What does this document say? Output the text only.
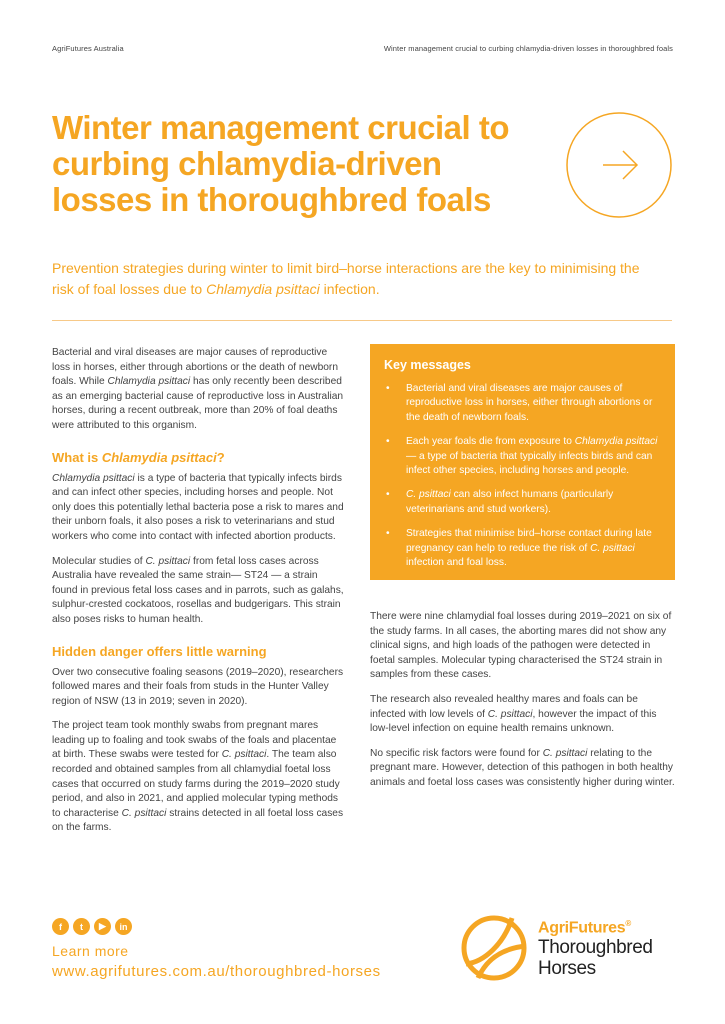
AgriFutures Australia	Winter management crucial to curbing chlamydia-driven losses in thoroughbred foals
Winter management crucial to curbing chlamydia-driven losses in thoroughbred foals

Prevention strategies during winter to limit bird–horse interactions are the key to minimising the risk of foal losses due to Chlamydia psittaci infection.

Bacterial and viral diseases are major causes of reproductive loss in horses, either through abortions or the death of newborn foals. While Chlamydia psittaci has only recently been described as an emerging bacterial cause of reproductive loss in Australian horses, during a recent outbreak, more than 20% of foal deaths were attributed to this organism.

What is Chlamydia psittaci?

Chlamydia psittaci is a type of bacteria that typically infects birds and can infect other species, including horses and people. Not only does this potentially lethal bacteria pose a risk to mares and their unborn foals, it also poses a risk to veterinarians and stud workers who come into contact with infected abortion products.

Molecular studies of C. psittaci from fetal loss cases across Australia have revealed the same strain— ST24 — a strain found in previous fetal loss cases and in parrots, such as galahs, sulphur-crested cockatoos, rosellas and budgerigars. This strain also poses risks to human health.

Hidden danger offers little warning

Over two consecutive foaling seasons (2019–2020), researchers followed mares and their foals from studs in the Hunter Valley region of NSW (13 in 2019; seven in 2020).

The project team took monthly swabs from pregnant mares leading up to foaling and took swabs of the foals and placentae at birth. These swabs were tested for C. psittaci. The team also recorded and obtained samples from all chlamydial foetal loss cases that occurred on study farms during the 2019–2020 study period, and also in 2021, and applied molecular typing methods to characterise C. psittaci strains detected in all foetal loss cases on the farms.

Key messages
• Bacterial and viral diseases are major causes of reproductive loss in horses, either through abortions or the death of newborn foals.
• Each year foals die from exposure to Chlamydia psittaci — a type of bacteria that typically infects birds and can infect other species, including horses and people.
• C. psittaci can also infect humans (particularly veterinarians and stud workers).
• Strategies that minimise bird–horse contact during late pregnancy can help to reduce the risk of C. psittaci infection and foal loss.

There were nine chlamydial foal losses during 2019–2021 on six of the study farms. In all cases, the aborting mares did not show any clinical signs, and high loads of the pathogen were detected in foetal samples. Molecular typing characterised the ST24 strain in samples from these cases.

The research also revealed healthy mares and foals can be infected with low levels of C. psittaci, however the impact of this low-level infection on equine health remains unknown.

No specific risk factors were found for C. psittaci relating to the pregnant mare. However, detection of this pathogen in both healthy animals and foetal loss cases was consistently higher during winter.

f	t	▶	in
Learn more
www.agrifutures.com.au/thoroughbred-horses
AgriFutures®
Thoroughbred
Horses
